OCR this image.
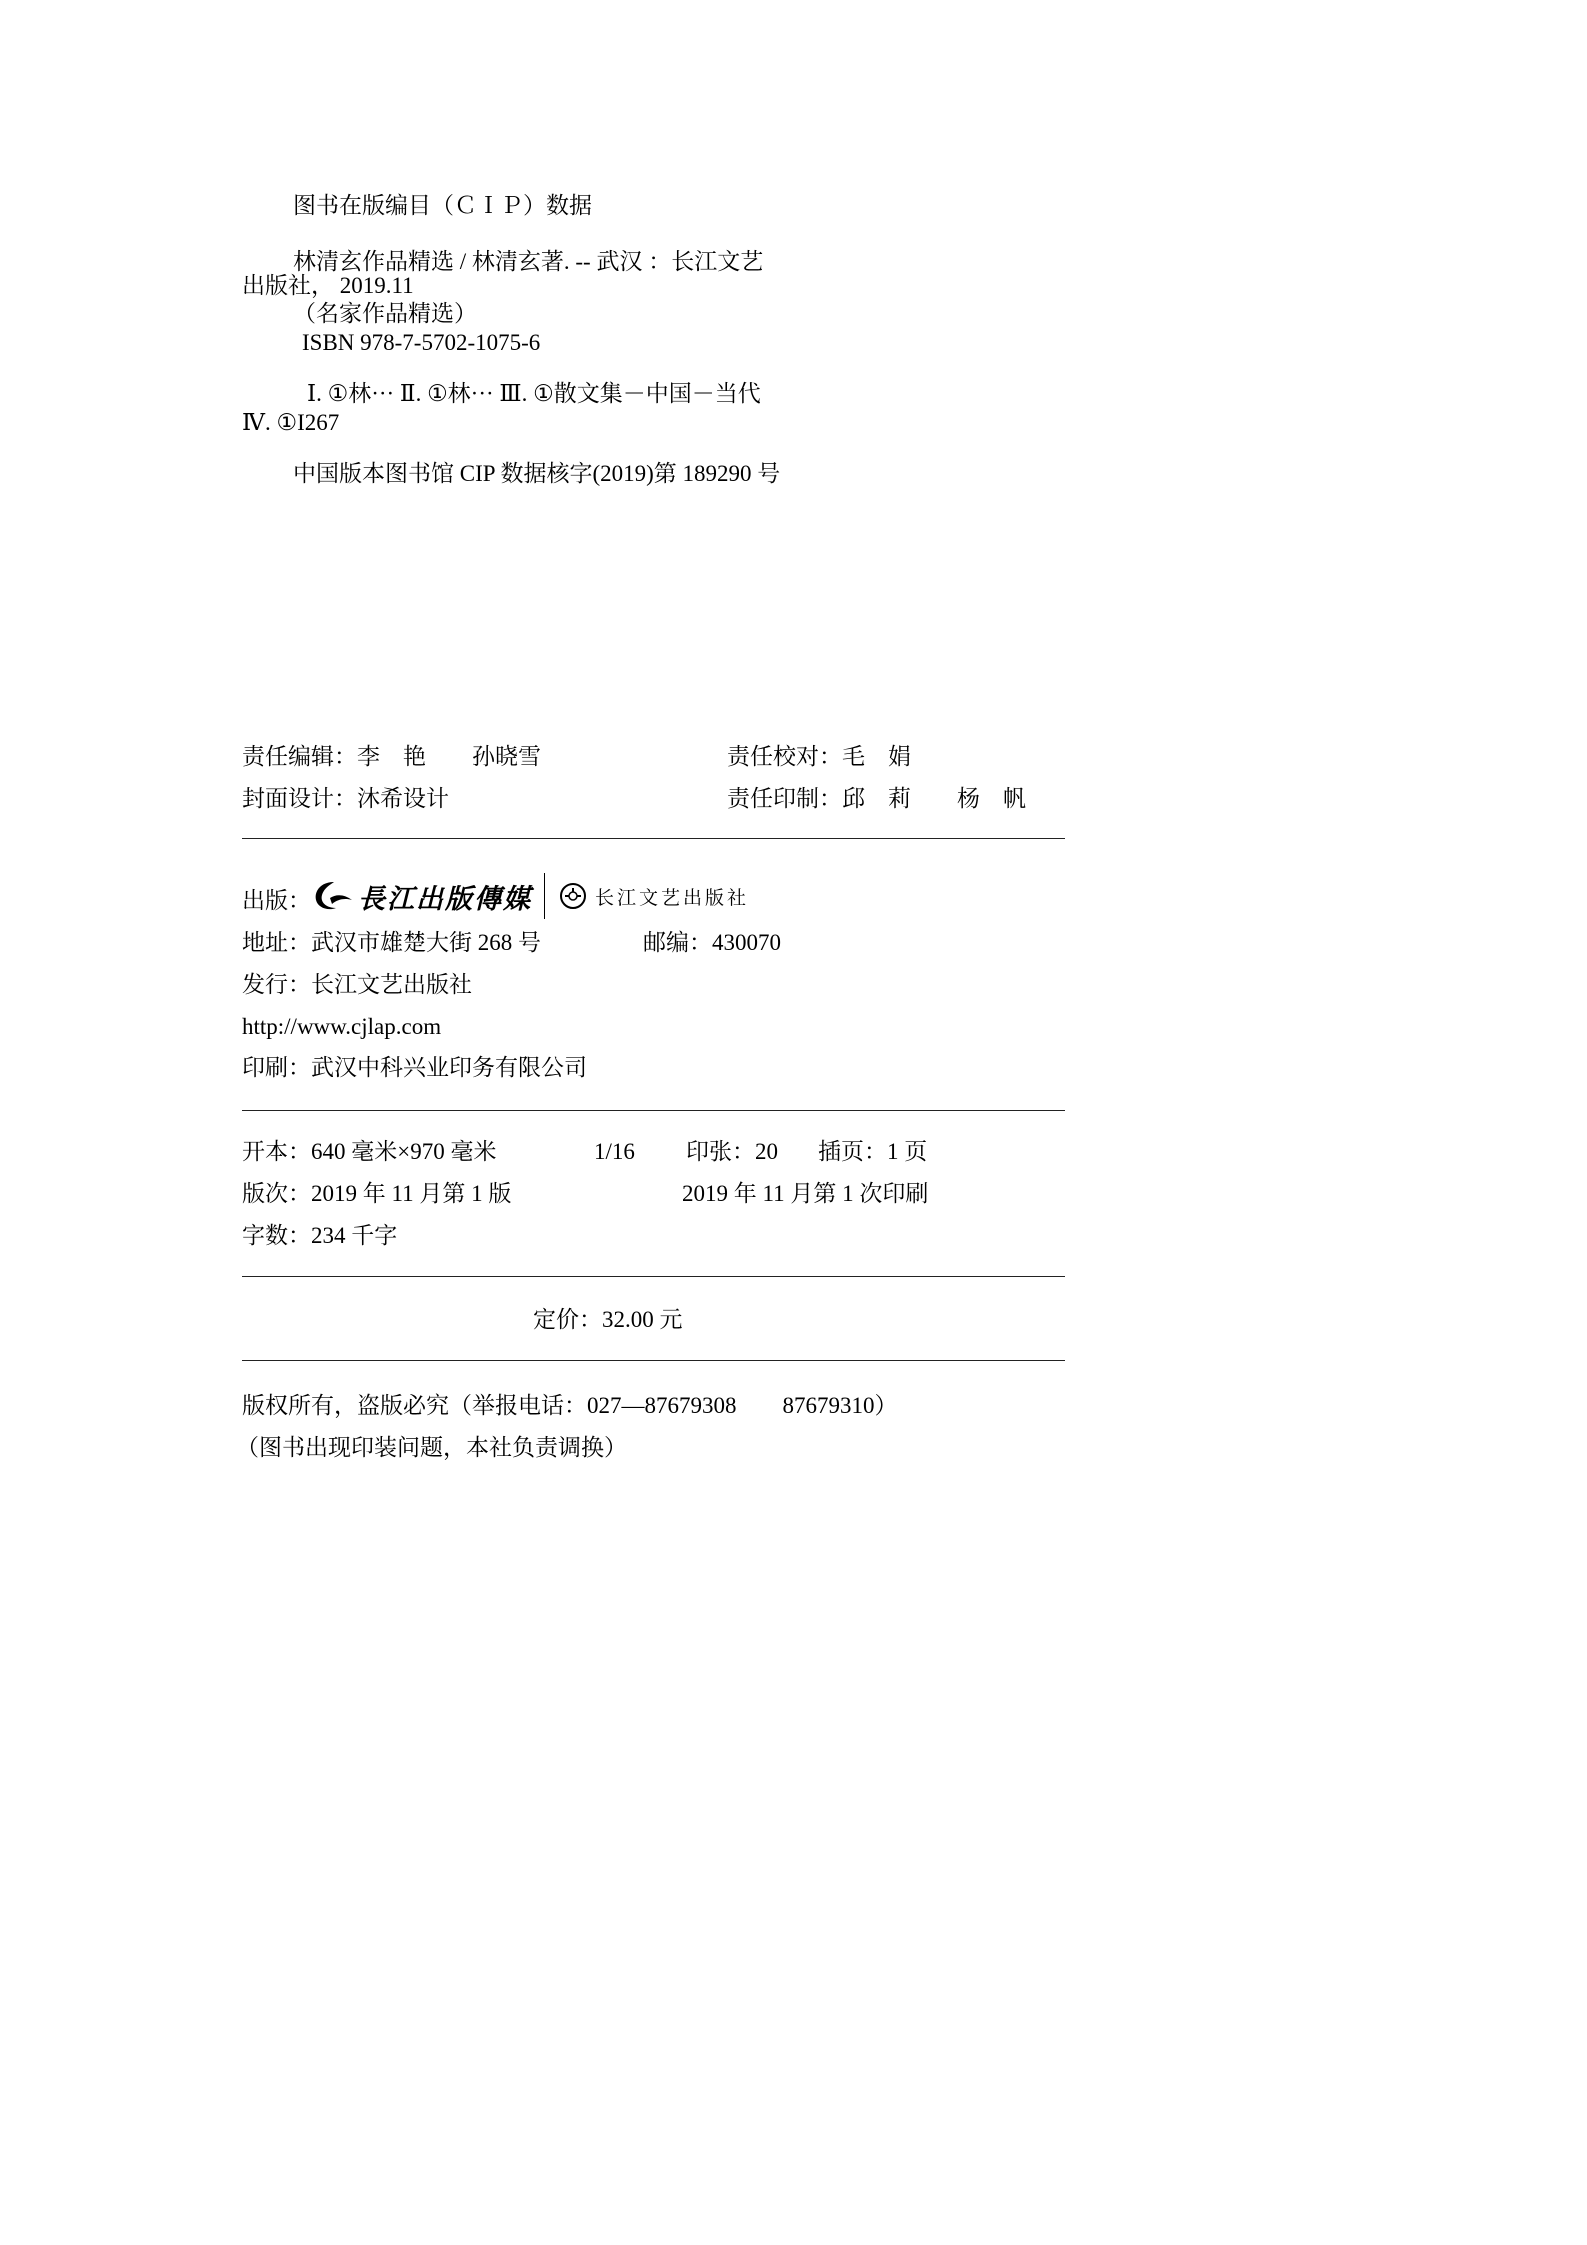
图书在版编目（ＣＩＰ）数据
林清玄作品精选 / 林清玄著. -- 武汉 ：长江文艺
出版社， 2019.11
（名家作品精选）
ISBN 978-7-5702-1075-6
Ⅰ. ①林··· Ⅱ. ①林··· Ⅲ. ①散文集－中国－当代
Ⅳ. ①I267
中国版本图书馆 CIP 数据核字(2019)第 189290 号
责任编辑：李　艳　　孙晓雪	责任校对：毛　娟
封面设计：沐希设计	责任印制：邱　莉　　杨　帆
出版： 長江出版傳媒	长江文艺出版社
地址：武汉市雄楚大街 268 号	邮编：430070
发行：长江文艺出版社
http://www.cjlap.com
印刷：武汉中科兴业印务有限公司
开本：640 毫米×970 毫米	1/16 印张：20 插页：1 页
版次：2019 年 11 月第 1 版	2019 年 11 月第 1 次印刷
字数：234 千字
定价：32.00 元
版权所有，盗版必究（举报电话：027—87679308　　87679310）
（图书出现印装问题，本社负责调换）
